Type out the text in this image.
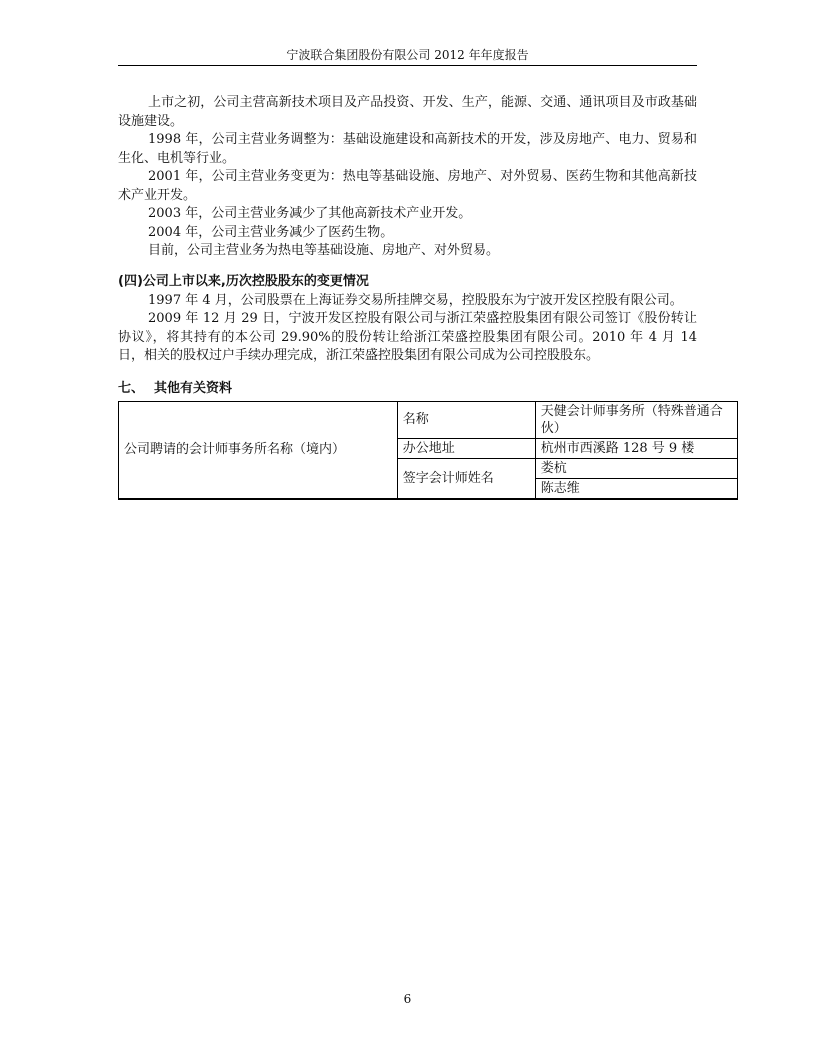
宁波联合集团股份有限公司 2012 年年度报告

上市之初，公司主营高新技术项目及产品投资、开发、生产，能源、交通、通讯项目及市政基础设施建设。

1998 年，公司主营业务调整为：基础设施建设和高新技术的开发，涉及房地产、电力、贸易和生化、电机等行业。

2001 年，公司主营业务变更为：热电等基础设施、房地产、对外贸易、医药生物和其他高新技术产业开发。

2003 年，公司主营业务减少了其他高新技术产业开发。

2004 年，公司主营业务减少了医药生物。

目前，公司主营业务为热电等基础设施、房地产、对外贸易。

(四)公司上市以来,历次控股股东的变更情况

1997 年 4 月，公司股票在上海证券交易所挂牌交易，控股股东为宁波开发区控股有限公司。

2009 年 12 月 29 日，宁波开发区控股有限公司与浙江荣盛控股集团有限公司签订《股份转让协议》，将其持有的本公司 29.90%的股份转让给浙江荣盛控股集团有限公司。2010 年 4 月 14 日，相关的股权过户手续办理完成，浙江荣盛控股集团有限公司成为公司控股股东。

七、 其他有关资料
公司聘请的会计师事务所名称（境内）	名称	天健会计师事务所（特殊普通合伙）
	办公地址	杭州市西溪路 128 号 9 楼
	签字会计师姓名	娄杭
		陈志维
6
